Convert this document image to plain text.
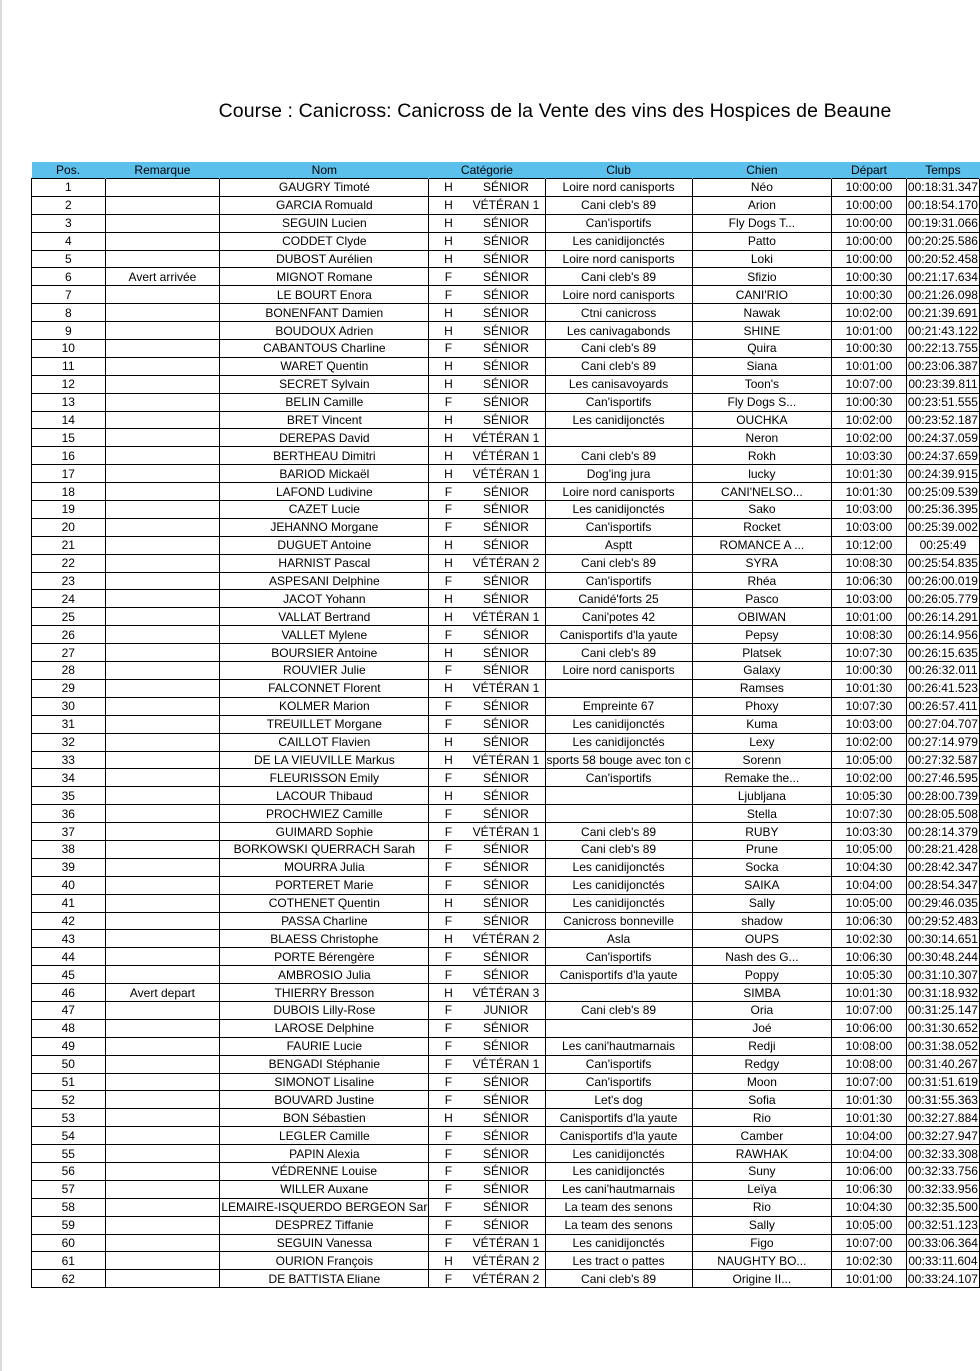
Course : Canicross: Canicross de la Vente des vins des Hospices de Beaune
Pos.	Remarque	Nom	Catégorie		Club	Chien	Départ	Temps
1		GAUGRY Timoté	H	SÉNIOR	Loire nord canisports	Néo	10:00:00	00:18:31.347
2		GARCIA Romuald	H	VÉTÉRAN 1	Cani cleb's 89	Arion	10:00:00	00:18:54.170
3		SEGUIN Lucien	H	SÉNIOR	Can'isportifs	Fly Dogs T...	10:00:00	00:19:31.066
4		CODDET Clyde	H	SÉNIOR	Les canidijonctés	Patto	10:00:00	00:20:25.586
5		DUBOST Aurélien	H	SÉNIOR	Loire nord canisports	Loki	10:00:00	00:20:52.458
6	Avert arrivée	MIGNOT Romane	F	SÉNIOR	Cani cleb's 89	Sfizio	10:00:30	00:21:17.634
7		LE BOURT Enora	F	SÉNIOR	Loire nord canisports	CANI'RIO	10:00:30	00:21:26.098
8		BONENFANT Damien	H	SÉNIOR	Ctni canicross	Nawak	10:02:00	00:21:39.691
9		BOUDOUX Adrien	H	SÉNIOR	Les canivagabonds	SHINE	10:01:00	00:21:43.122
10		CABANTOUS Charline	F	SÉNIOR	Cani cleb's 89	Quira	10:00:30	00:22:13.755
11		WARET Quentin	H	SÉNIOR	Cani cleb's 89	Siana	10:01:00	00:23:06.387
12		SECRET Sylvain	H	SÉNIOR	Les canisavoyards	Toon's	10:07:00	00:23:39.811
13		BELIN Camille	F	SÉNIOR	Can'isportifs	Fly Dogs S...	10:00:30	00:23:51.555
14		BRET Vincent	H	SÉNIOR	Les canidijonctés	OUCHKA	10:02:00	00:23:52.187
15		DEREPAS David	H	VÉTÉRAN 1		Neron	10:02:00	00:24:37.059
16		BERTHEAU Dimitri	H	VÉTÉRAN 1	Cani cleb's 89	Rokh	10:03:30	00:24:37.659
17		BARIOD Mickaël	H	VÉTÉRAN 1	Dog'ing jura	lucky	10:01:30	00:24:39.915
18		LAFOND Ludivine	F	SÉNIOR	Loire nord canisports	CANI'NELSO...	10:01:30	00:25:09.539
19		CAZET Lucie	F	SÉNIOR	Les canidijonctés	Sako	10:03:00	00:25:36.395
20		JEHANNO Morgane	F	SÉNIOR	Can'isportifs	Rocket	10:03:00	00:25:39.002
21		DUGUET Antoine	H	SÉNIOR	Asptt	ROMANCE A ...	10:12:00	00:25:49
22		HARNIST Pascal	H	VÉTÉRAN 2	Cani cleb's 89	SYRA	10:08:30	00:25:54.835
23		ASPESANI Delphine	F	SÉNIOR	Can'isportifs	Rhéa	10:06:30	00:26:00.019
24		JACOT Yohann	H	SÉNIOR	Canidé'forts 25	Pasco	10:03:00	00:26:05.779
25		VALLAT Bertrand	H	VÉTÉRAN 1	Cani'potes 42	OBIWAN	10:01:00	00:26:14.291
26		VALLET Mylene	F	SÉNIOR	Canisportifs d'la yaute	Pepsy	10:08:30	00:26:14.956
27		BOURSIER Antoine	H	SÉNIOR	Cani cleb's 89	Platsek	10:07:30	00:26:15.635
28		ROUVIER Julie	F	SÉNIOR	Loire nord canisports	Galaxy	10:00:30	00:26:32.011
29		FALCONNET Florent	H	VÉTÉRAN 1		Ramses	10:01:30	00:26:41.523
30		KOLMER Marion	F	SÉNIOR	Empreinte 67	Phoxy	10:07:30	00:26:57.411
31		TREUILLET Morgane	F	SÉNIOR	Les canidijonctés	Kuma	10:03:00	00:27:04.707
32		CAILLOT Flavien	H	SÉNIOR	Les canidijonctés	Lexy	10:02:00	00:27:14.979
33		DE LA VIEUVILLE Markus	H	VÉTÉRAN 1	sports 58 bouge avec ton c	Sorenn	10:05:00	00:27:32.587
34		FLEURISSON Emily	F	SÉNIOR	Can'isportifs	Remake the...	10:02:00	00:27:46.595
35		LACOUR Thibaud	H	SÉNIOR		Ljubljana	10:05:30	00:28:00.739
36		PROCHWIEZ Camille	F	SÉNIOR		Stella	10:07:30	00:28:05.508
37		GUIMARD Sophie	F	VÉTÉRAN 1	Cani cleb's 89	RUBY	10:03:30	00:28:14.379
38		BORKOWSKI QUERRACH Sarah	F	SÉNIOR	Cani cleb's 89	Prune	10:05:00	00:28:21.428
39		MOURRA Julia	F	SÉNIOR	Les canidijonctés	Socka	10:04:30	00:28:42.347
40		PORTERET Marie	F	SÉNIOR	Les canidijonctés	SAIKA	10:04:00	00:28:54.347
41		COTHENET Quentin	H	SÉNIOR	Les canidijonctés	Sally	10:05:00	00:29:46.035
42		PASSA Charline	F	SÉNIOR	Canicross bonneville	shadow	10:06:30	00:29:52.483
43		BLAESS Christophe	H	VÉTÉRAN 2	Asla	OUPS	10:02:30	00:30:14.651
44		PORTE Bérengère	F	SÉNIOR	Can'isportifs	Nash des G...	10:06:30	00:30:48.244
45		AMBROSIO Julia	F	SÉNIOR	Canisportifs d'la yaute	Poppy	10:05:30	00:31:10.307
46	Avert depart	THIERRY Bresson	H	VÉTÉRAN 3		SIMBA	10:01:30	00:31:18.932
47		DUBOIS Lilly-Rose	F	JUNIOR	Cani cleb's 89	Oria	10:07:00	00:31:25.147
48		LAROSE Delphine	F	SÉNIOR		Joé	10:06:00	00:31:30.652
49		FAURIE Lucie	F	SÉNIOR	Les cani'hautmarnais	Redji	10:08:00	00:31:38.052
50		BENGADI Stéphanie	F	VÉTÉRAN 1	Can'isportifs	Redgy	10:08:00	00:31:40.267
51		SIMONOT Lisaline	F	SÉNIOR	Can'isportifs	Moon	10:07:00	00:31:51.619
52		BOUVARD Justine	F	SÉNIOR	Let's dog	Sofia	10:01:30	00:31:55.363
53		BON Sébastien	H	SÉNIOR	Canisportifs d'la yaute	Rio	10:01:30	00:32:27.884
54		LEGLER Camille	F	SÉNIOR	Canisportifs d'la yaute	Camber	10:04:00	00:32:27.947
55		PAPIN Alexia	F	SÉNIOR	Les canidijonctés	RAWHAK	10:04:00	00:32:33.308
56		VÉDRENNE Louise	F	SÉNIOR	Les canidijonctés	Suny	10:06:00	00:32:33.756
57		WILLER Auxane	F	SÉNIOR	Les cani'hautmarnais	Leïya	10:06:30	00:32:33.956
58		LEMAIRE-ISQUERDO BERGEON Sar	F	SÉNIOR	La team des senons	Rio	10:04:30	00:32:35.500
59		DESPREZ Tiffanie	F	SÉNIOR	La team des senons	Sally	10:05:00	00:32:51.123
60		SEGUIN Vanessa	F	VÉTÉRAN 1	Les canidijonctés	Figo	10:07:00	00:33:06.364
61		OURION François	H	VÉTÉRAN 2	Les tract o pattes	NAUGHTY BO...	10:02:30	00:33:11.604
62		DE BATTISTA Eliane	F	VÉTÉRAN 2	Cani cleb's 89	Origine II...	10:01:00	00:33:24.107
